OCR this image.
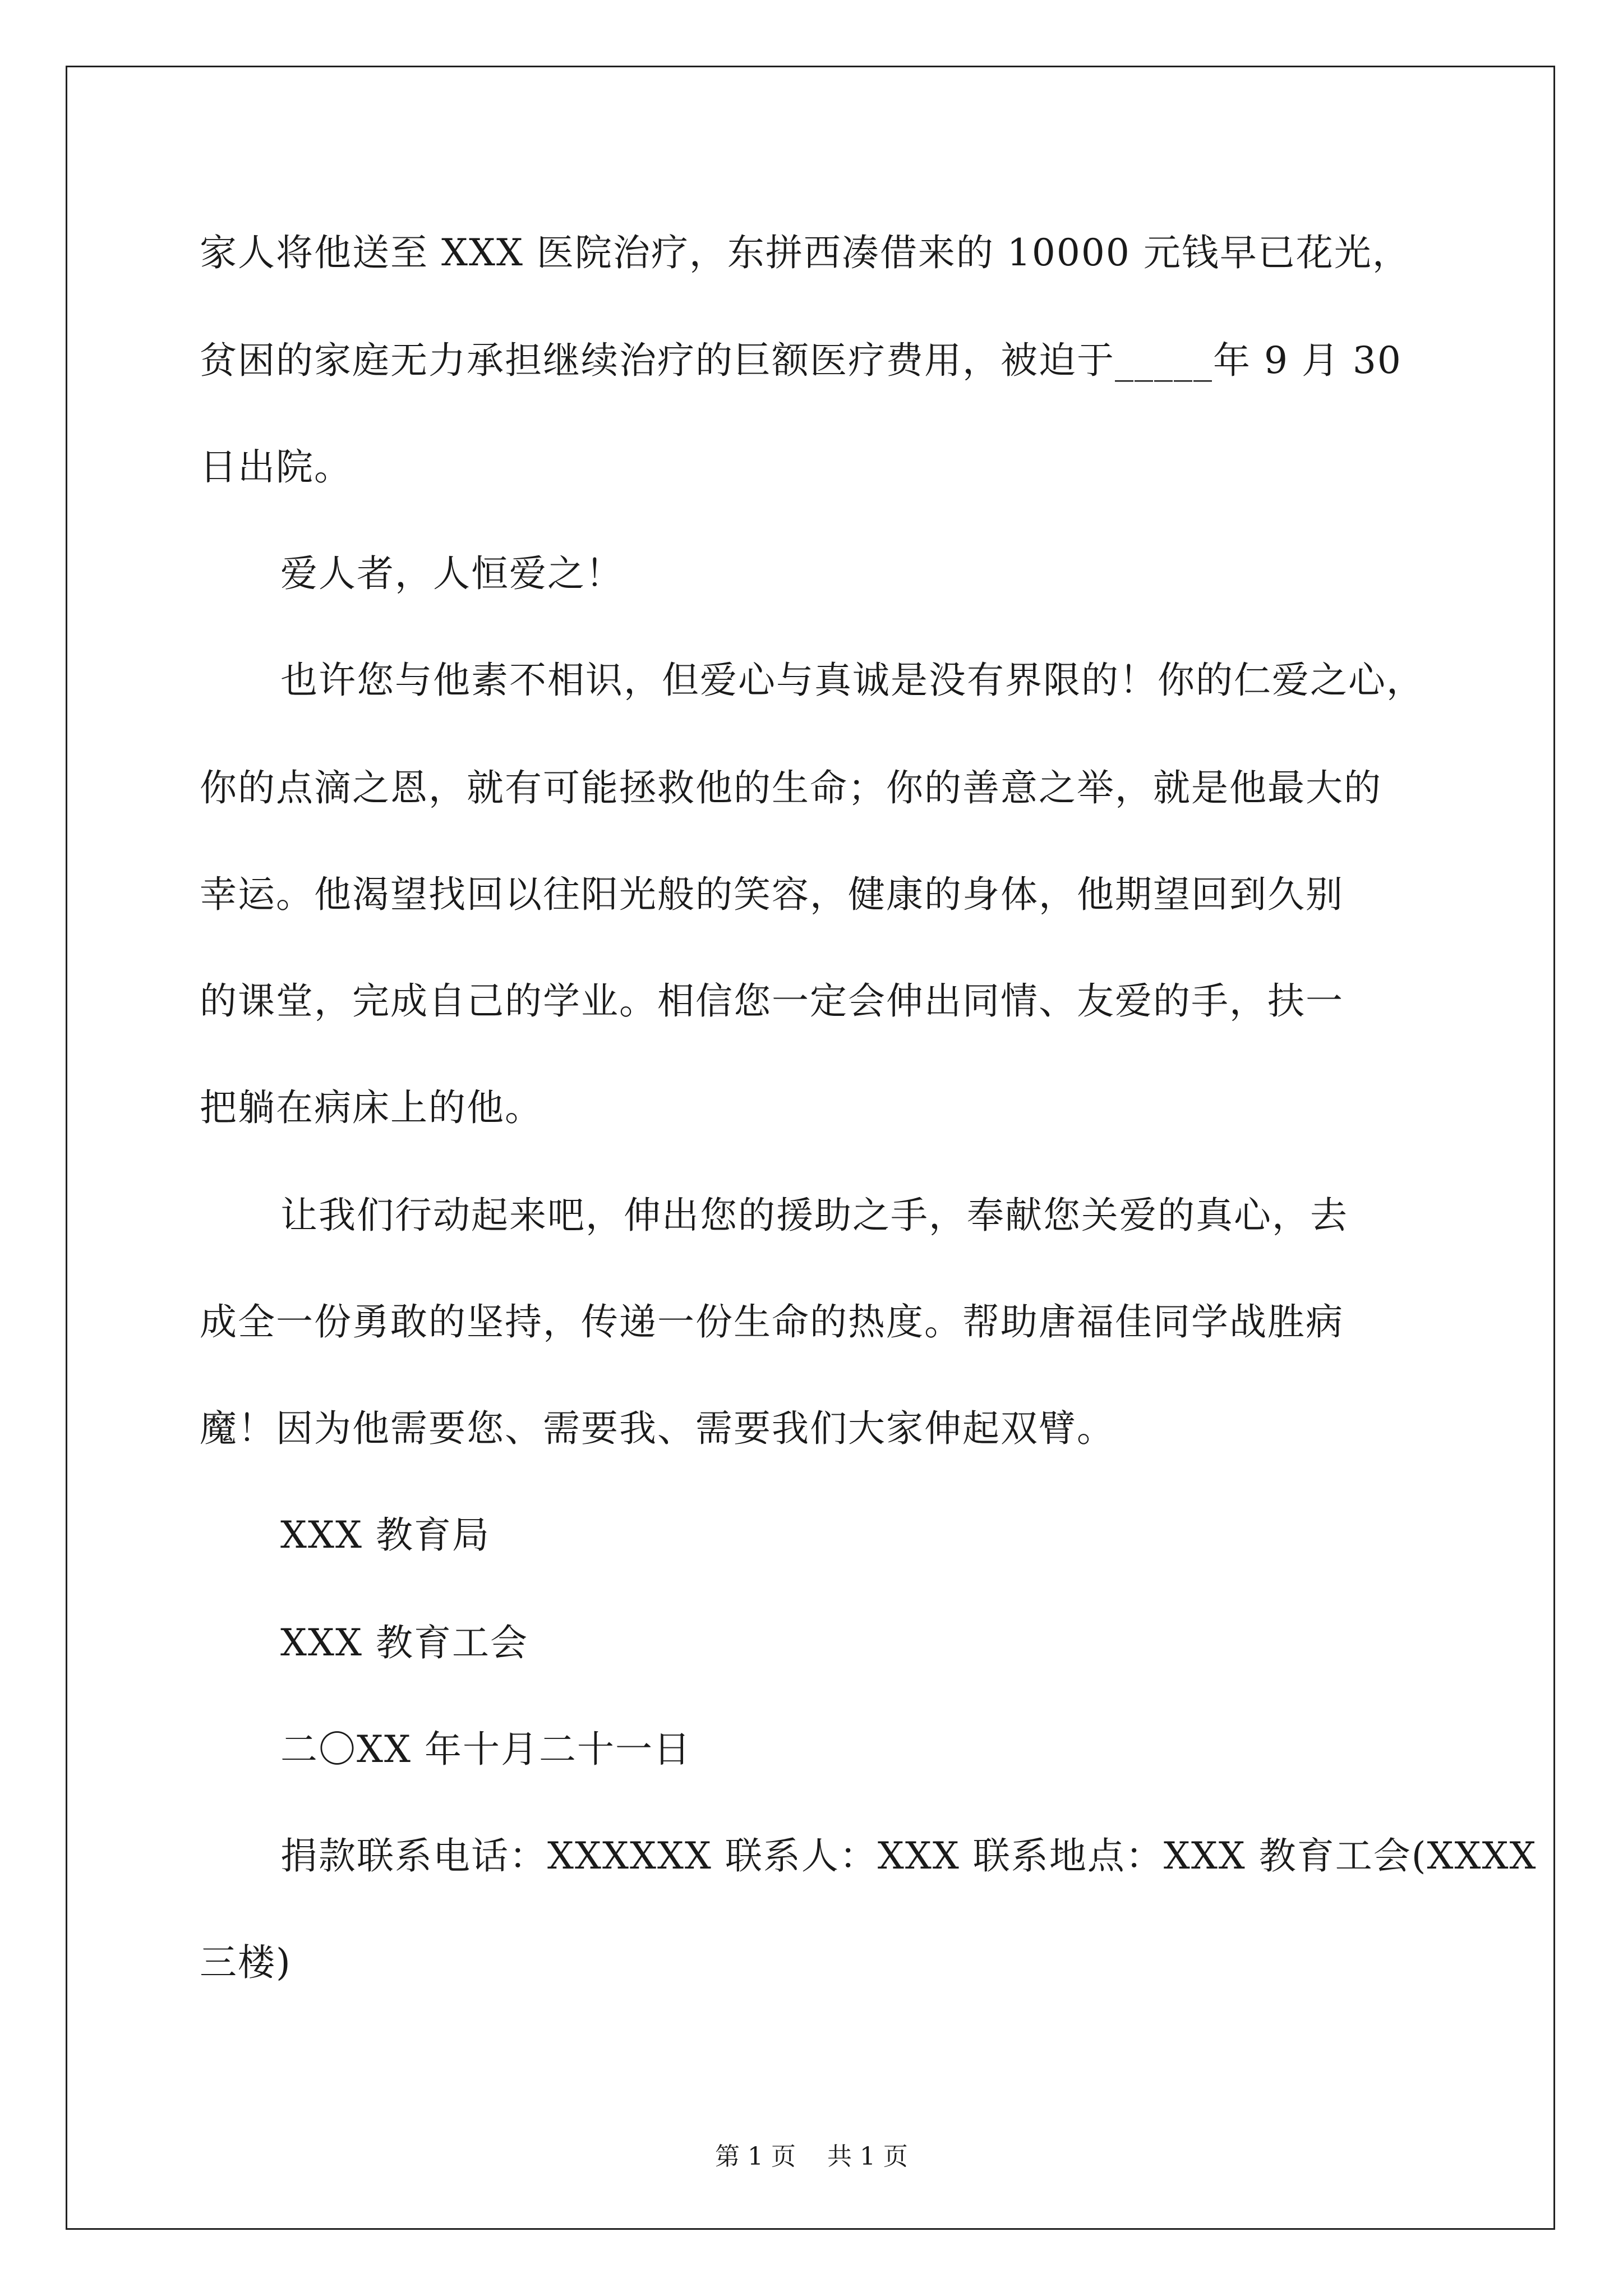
家人将他送至 XXX 医院治疗，东拼西凑借来的 10000 元钱早已花光，
贫困的家庭无力承担继续治疗的巨额医疗费用，被迫于_____年 9 月 30
日出院。
爱人者，人恒爱之！
也许您与他素不相识，但爱心与真诚是没有界限的！你的仁爱之心，
你的点滴之恩，就有可能拯救他的生命；你的善意之举，就是他最大的
幸运。他渴望找回以往阳光般的笑容，健康的身体，他期望回到久别
的课堂，完成自己的学业。相信您一定会伸出同情、友爱的手，扶一
把躺在病床上的他。
让我们行动起来吧，伸出您的援助之手，奉献您关爱的真心，去
成全一份勇敢的坚持，传递一份生命的热度。帮助唐福佳同学战胜病
魔！因为他需要您、需要我、需要我们大家伸起双臂。
XXX 教育局
XXX 教育工会
二〇XX 年十月二十一日
捐款联系电话：XXXXXX 联系人：XXX 联系地点：XXX 教育工会(XXXX
三楼)
第 1 页    共 1 页
